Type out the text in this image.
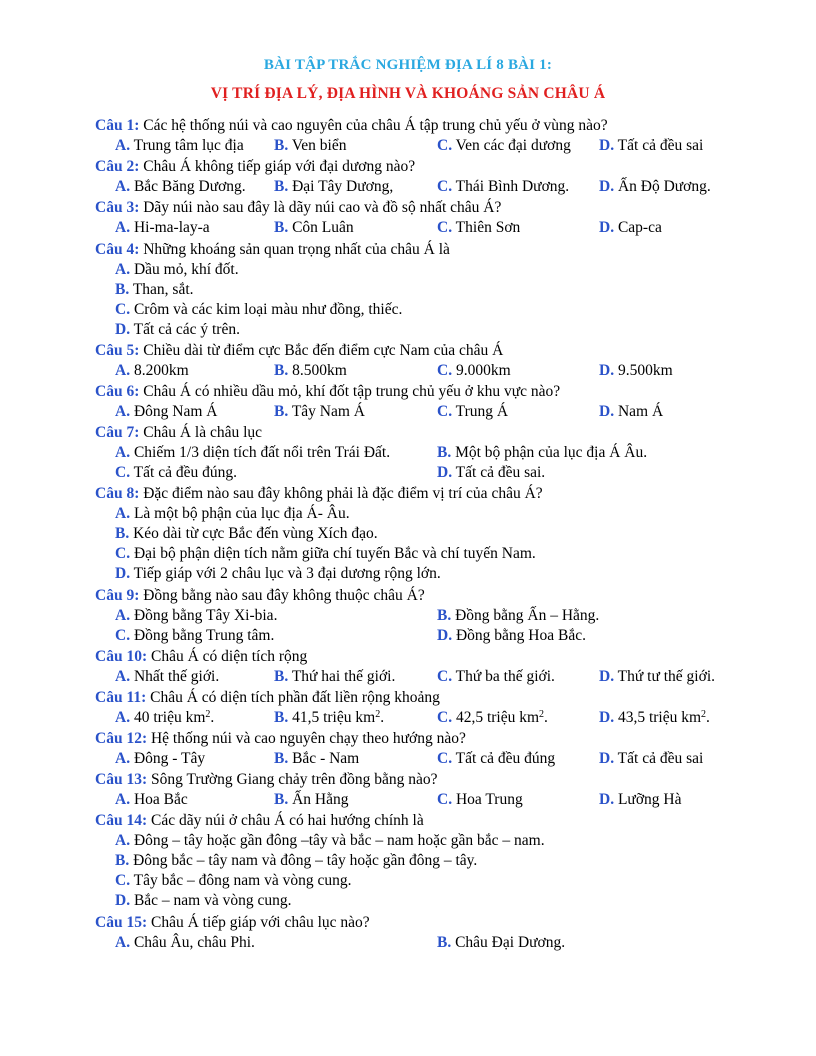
BÀI TẬP TRẮC NGHIỆM ĐỊA LÍ 8 BÀI 1:
VỊ TRÍ ĐỊA LÝ, ĐỊA HÌNH VÀ KHOÁNG SẢN CHÂU Á
Câu 1: Các hệ thống núi và cao nguyên của châu Á tập trung chủ yếu ở vùng nào?
A. Trung tâm lục địa B. Ven biển	C. Ven các đại dương D. Tất cả đều sai
Câu 2: Châu Á không tiếp giáp với đại dương nào?
A. Bắc Băng Dương. B. Đại Tây Dương,	C. Thái Bình Dương. D. Ấn Độ Dương.
Câu 3: Dãy núi nào sau đây là dãy núi cao và đồ sộ nhất châu Á?
A. Hi-ma-lay-a	B. Côn Luân	C. Thiên Sơn	D. Cap-ca
Câu 4: Những khoáng sản quan trọng nhất của châu Á là
A. Dầu mỏ, khí đốt.
B. Than, sắt.
C. Crôm và các kim loại màu như đồng, thiếc.
D. Tất cả các ý trên.
Câu 5: Chiều dài từ điểm cực Bắc đến điểm cực Nam của châu Á
A. 8.200km	B. 8.500km	C. 9.000km	D. 9.500km
Câu 6: Châu Á có nhiều dầu mỏ, khí đốt tập trung chủ yếu ở khu vực nào?
A. Đông Nam Á	B. Tây Nam Á	C. Trung Á	D. Nam Á
Câu 7: Châu Á là châu lục
A. Chiếm 1/3 diện tích đất nổi trên Trái Đất.	B. Một bộ phận của lục địa Á Âu.
C. Tất cả đều đúng.	D. Tất cả đều sai.
Câu 8: Đặc điểm nào sau đây không phải là đặc điểm vị trí của châu Á?
A. Là một bộ phận của lục địa Á- Âu.
B. Kéo dài từ cực Bắc đến vùng Xích đạo.
C. Đại bộ phận diện tích nằm giữa chí tuyến Bắc và chí tuyến Nam.
D. Tiếp giáp với 2 châu lục và 3 đại dương rộng lớn.
Câu 9: Đồng bằng nào sau đây không thuộc châu Á?
A. Đồng bằng Tây Xi-bia.	B. Đồng bằng Ấn – Hằng.
C. Đồng bằng Trung tâm.	D. Đồng bằng Hoa Bắc.
Câu 10: Châu Á có diện tích rộng
A. Nhất thế giới.	B. Thứ hai thế giới.	C. Thứ ba thế giới.	D. Thứ tư thế giới.
Câu 11: Châu Á có diện tích phần đất liền rộng khoảng
A. 40 triệu $km^2$.	B. 41,5 triệu $km^2$.	C. 42,5 triệu $km^2$.	D. 43,5 triệu $km^2$.
Câu 12: Hệ thống núi và cao nguyên chạy theo hướng nào?
A. Đông - Tây	B. Bắc - Nam	C. Tất cả đều đúng	D. Tất cả đều sai
Câu 13: Sông Trường Giang chảy trên đồng bằng nào?
A. Hoa Bắc	B. Ấn Hằng	C. Hoa Trung	D. Lưỡng Hà
Câu 14: Các dãy núi ở châu Á có hai hướng chính là
A. Đông – tây hoặc gần đông –tây và bắc – nam hoặc gần bắc – nam.
B. Đông bắc – tây nam và đông – tây hoặc gần đông – tây.
C. Tây bắc – đông nam và vòng cung.
D. Bắc – nam và vòng cung.
Câu 15: Châu Á tiếp giáp với châu lục nào?
A. Châu Âu, châu Phi.	B. Châu Đại Dương.
